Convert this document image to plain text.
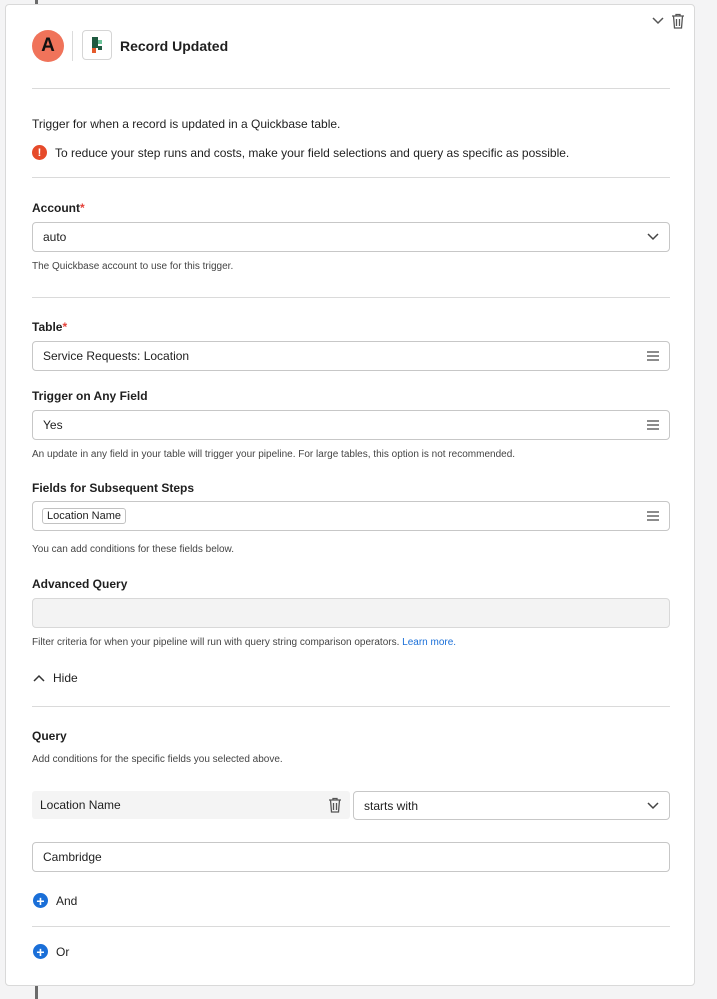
A	Record Updated
Trigger for when a record is updated in a Quickbase table.
!	To reduce your step runs and costs, make your field selections and query as specific as possible.
Account*
auto
The Quickbase account to use for this trigger.
Table*
Service Requests: Location
Trigger on Any Field
Yes
An update in any field in your table will trigger your pipeline. For large tables, this option is not recommended.
Fields for Subsequent Steps
Location Name
You can add conditions for these fields below.
Advanced Query
Filter criteria for when your pipeline will run with query string comparison operators. Learn more.
Hide
Query
Add conditions for the specific fields you selected above.
Location Name	starts with
Cambridge
+ And
+ Or
